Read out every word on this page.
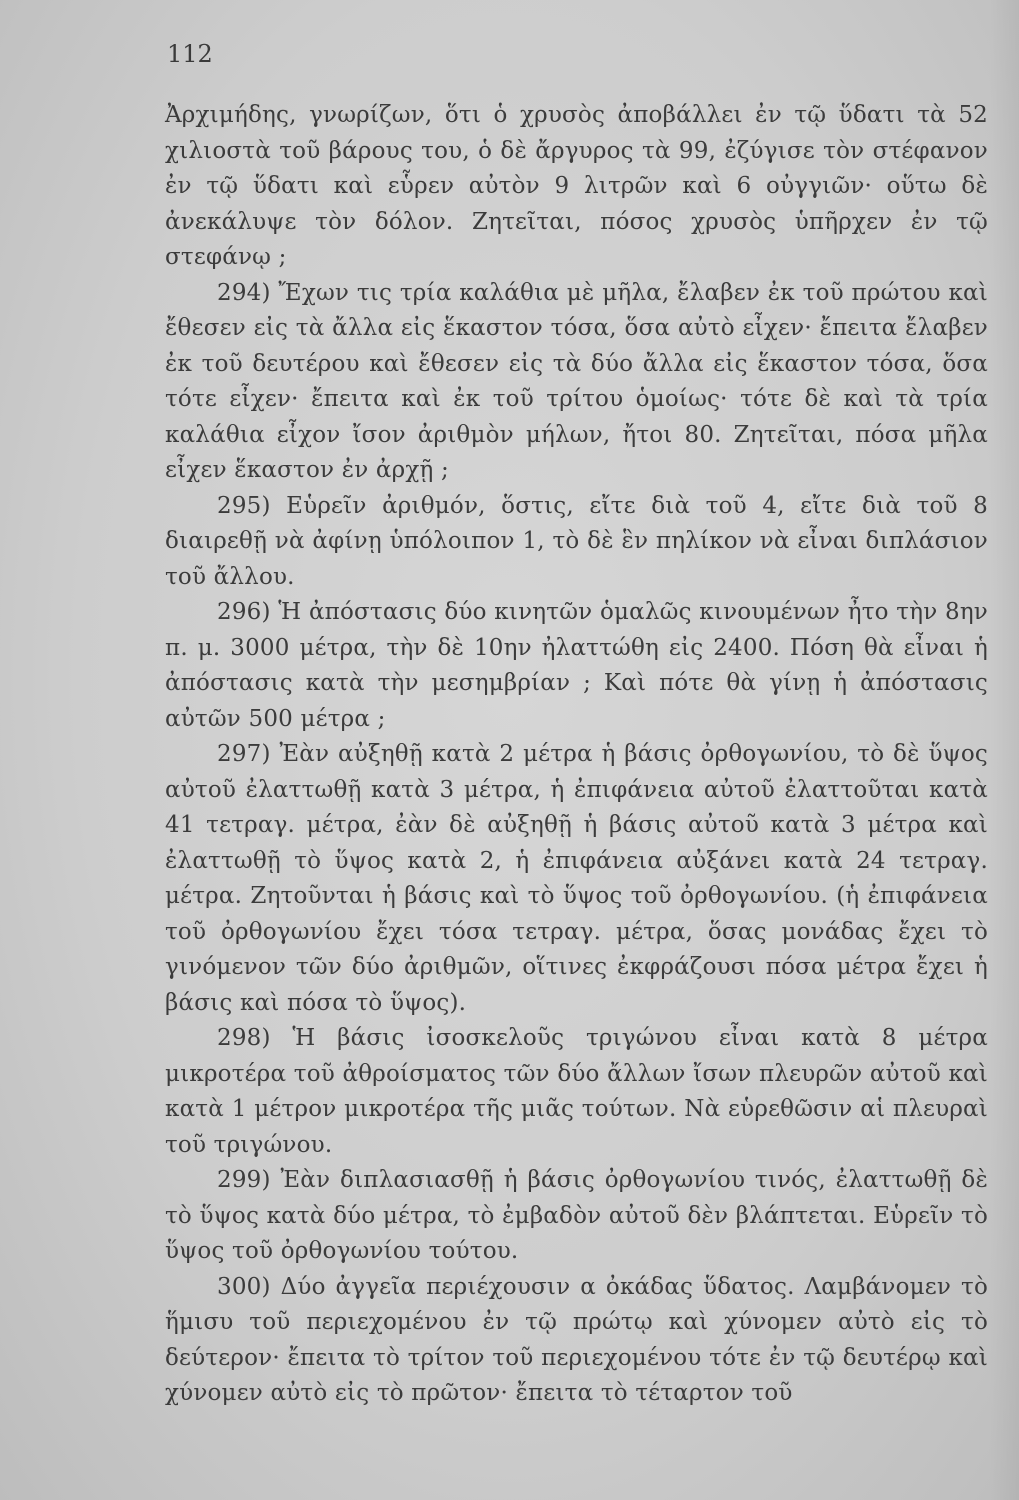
112

Ἀρχιμήδης, γνωρίζων, ὅτι ὁ χρυσὸς ἀποβάλλει ἐν τῷ ὕδατι τὰ 52 χιλιοστὰ τοῦ βάρους του, ὁ δὲ ἄργυρος τὰ 99, ἐζύγισε τὸν στέφανον ἐν τῷ ὕδατι καὶ εὗρεν αὐτὸν 9 λιτρῶν καὶ 6 οὐγγιῶν· οὕτω δὲ ἀνεκάλυψε τὸν δόλον. Ζητεῖται, πόσος χρυσὸς ὑπῆρχεν ἐν τῷ στεφάνῳ ;

294) Ἔχων τις τρία καλάθια μὲ μῆλα, ἔλαβεν ἐκ τοῦ πρώτου καὶ ἔθεσεν εἰς τὰ ἄλλα εἰς ἕκαστον τόσα, ὅσα αὐτὸ εἶχεν· ἔπειτα ἔλαβεν ἐκ τοῦ δευτέρου καὶ ἔθεσεν εἰς τὰ δύο ἄλλα εἰς ἕκαστον τόσα, ὅσα τότε εἶχεν· ἔπειτα καὶ ἐκ τοῦ τρίτου ὁμοίως· τότε δὲ καὶ τὰ τρία καλάθια εἶχον ἴσον ἀριθμὸν μήλων, ἤτοι 80. Ζητεῖται, πόσα μῆλα εἶχεν ἕκαστον ἐν ἀρχῇ ;

295) Εὑρεῖν ἀριθμόν, ὅστις, εἴτε διὰ τοῦ 4, εἴτε διὰ τοῦ 8 διαιρεθῇ νὰ ἀφίνῃ ὑπόλοιπον 1, τὸ δὲ ἓν πηλίκον νὰ εἶναι διπλάσιον τοῦ ἄλλου.

296) Ἡ ἀπόστασις δύο κινητῶν ὁμαλῶς κινουμένων ἦτο τὴν 8ην π. μ. 3000 μέτρα, τὴν δὲ 10ην ἠλαττώθη εἰς 2400. Πόση θὰ εἶναι ἡ ἀπόστασις κατὰ τὴν μεσημβρίαν ; Καὶ πότε θὰ γίνῃ ἡ ἀπόστασις αὐτῶν 500 μέτρα ;

297) Ἐὰν αὐξηθῇ κατὰ 2 μέτρα ἡ βάσις ὀρθογωνίου, τὸ δὲ ὕψος αὐτοῦ ἐλαττωθῇ κατὰ 3 μέτρα, ἡ ἐπιφάνεια αὐτοῦ ἐλαττοῦται κατὰ 41 τετραγ. μέτρα, ἐὰν δὲ αὐξηθῇ ἡ βάσις αὐτοῦ κατὰ 3 μέτρα καὶ ἐλαττωθῇ τὸ ὕψος κατὰ 2, ἡ ἐπιφάνεια αὐξάνει κατὰ 24 τετραγ. μέτρα. Ζητοῦνται ἡ βάσις καὶ τὸ ὕψος τοῦ ὀρθογωνίου. (ἡ ἐπιφάνεια τοῦ ὀρθογωνίου ἔχει τόσα τετραγ. μέτρα, ὅσας μονάδας ἔχει τὸ γινόμενον τῶν δύο ἀριθμῶν, οἵτινες ἐκφράζουσι πόσα μέτρα ἔχει ἡ βάσις καὶ πόσα τὸ ὕψος).

298) Ἡ βάσις ἰσοσκελοῦς τριγώνου εἶναι κατὰ 8 μέτρα μικροτέρα τοῦ ἀθροίσματος τῶν δύο ἄλλων ἴσων πλευρῶν αὐτοῦ καὶ κατὰ 1 μέτρον μικροτέρα τῆς μιᾶς τούτων. Νὰ εὑρεθῶσιν αἱ πλευραὶ τοῦ τριγώνου.

299) Ἐὰν διπλασιασθῇ ἡ βάσις ὀρθογωνίου τινός, ἐλαττωθῇ δὲ τὸ ὕψος κατὰ δύο μέτρα, τὸ ἐμβαδὸν αὐτοῦ δὲν βλάπτεται. Εὑρεῖν τὸ ὕψος τοῦ ὀρθογωνίου τούτου.

300) Δύο ἀγγεῖα περιέχουσιν α ὀκάδας ὕδατος. Λαμβάνομεν τὸ ἥμισυ τοῦ περιεχομένου ἐν τῷ πρώτῳ καὶ χύνομεν αὐτὸ εἰς τὸ δεύτερον· ἔπειτα τὸ τρίτον τοῦ περιεχομένου τότε ἐν τῷ δευτέρῳ καὶ χύνομεν αὐτὸ εἰς τὸ πρῶτον· ἔπειτα τὸ τέταρτον τοῦ
